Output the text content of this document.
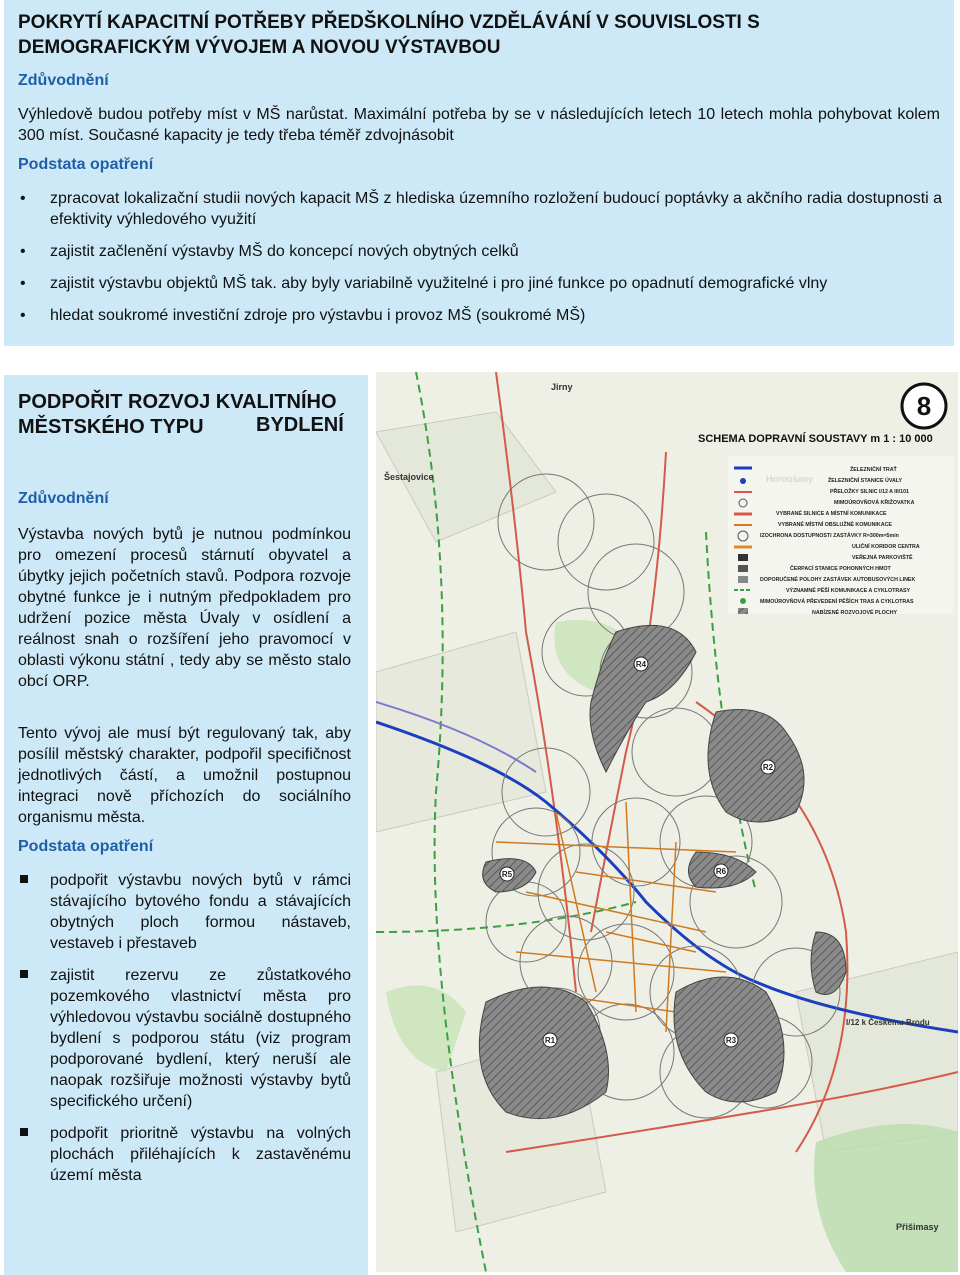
POKRYTÍ KAPACITNÍ POTŘEBY PŘEDŠKOLNÍHO VZDĚLÁVÁNÍ V SOUVISLOSTI S DEMOGRAFICKÝM VÝVOJEM A NOVOU VÝSTAVBOU
Zdůvodnění

Výhledově budou potřeby míst v MŠ narůstat. Maximální potřeba by se v následujících letech 10 letech mohla pohybovat kolem 300 míst. Současné kapacity je tedy třeba téměř zdvojnásobit

Podstata opatření
• zpracovat lokalizační studii nových kapacit MŠ z hlediska územního rozložení budoucí poptávky a akčního radia dostupnosti a efektivity výhledového využití
• zajistit začlenění výstavby MŠ do koncepcí nových obytných celků
• zajistit výstavbu objektů MŠ tak. aby byly variabilně využitelné i pro jiné funkce po opadnutí demografické vlny
• hledat soukromé investiční zdroje pro výstavbu i provoz MŠ (soukromé MŠ)
PODPOŘIT ROZVOJ KVALITNÍHO MĚSTSKÉHO TYPU	BYDLENÍ
Zdůvodnění

Výstavba nových bytů je nutnou podmínkou pro omezení procesů stárnutí obyvatel a úbytky jejich početních stavů. Podpora rozvoje obytné funkce je i nutným předpokladem pro udržení pozice města Úvaly v osídlení a reálnost snah o rozšíření jeho pravomocí v oblasti výkonu státní , tedy aby se město stalo obcí ORP.

Tento vývoj ale musí být regulovaný tak, aby posílil městský charakter, podpořil specifičnost jednotlivých částí, a umožnil postupnou integraci nově příchozích do sociálního organismu města.

Podstata opatření
podpořit výstavbu nových bytů v rámci stávajícího bytového fondu a stávajících obytných ploch formou nástaveb, vestaveb i přestaveb
zajistit rezervu ze zůstatkového pozemkového vlastnictví města pro výhledovou výstavbu sociálně dostupného bydlení s podporou státu (viz program podporované bydlení, který neruší ale naopak rozšiřuje možnosti výstavby bytů specifického určení)
podpořit prioritně výstavbu na volných plochách přiléhajících k zastavěnému území města
R4
R5
R1
R6
R2
R3
Jirny
Šestajovice
Přišimasy
I/12 k Českému Brodu
8
SCHEMA DOPRAVNÍ SOUSTAVY m 1 : 10 000
ŽELEZNIČNÍ TRAŤ
ŽELEZNIČNÍ STANICE ÚVALY
PŘELOŽKY SILNIC I/12 A III/101
MIMOÚROVŇOVÁ KŘIŽOVATKA
VYBRANÉ SILNICE A MÍSTNÍ KOMUNIKACE
VYBRANÉ MÍSTNÍ OBSLUŽNÉ KOMUNIKACE
IZOCHRONA DOSTUPNOSTI ZASTÁVKY R=300m=5min
ULIČNÍ KORIDOR CENTRA
VEŘEJNÁ PARKOVIŠTĚ
ČERPACÍ STANICE POHONNÝCH HMOT
DOPORUČENÉ POLOHY ZASTÁVEK AUTOBUSOVÝCH LINEK
VÝZNAMNÉ PĚŠÍ KOMUNIKACE A CYKLOTRASY
MIMOÚROVŇOVÁ PŘEVEDENÍ PĚŠÍCH TRAS A CYKLOTRAS
NABÍZENÉ ROZVOJOVÉ PLOCHY
